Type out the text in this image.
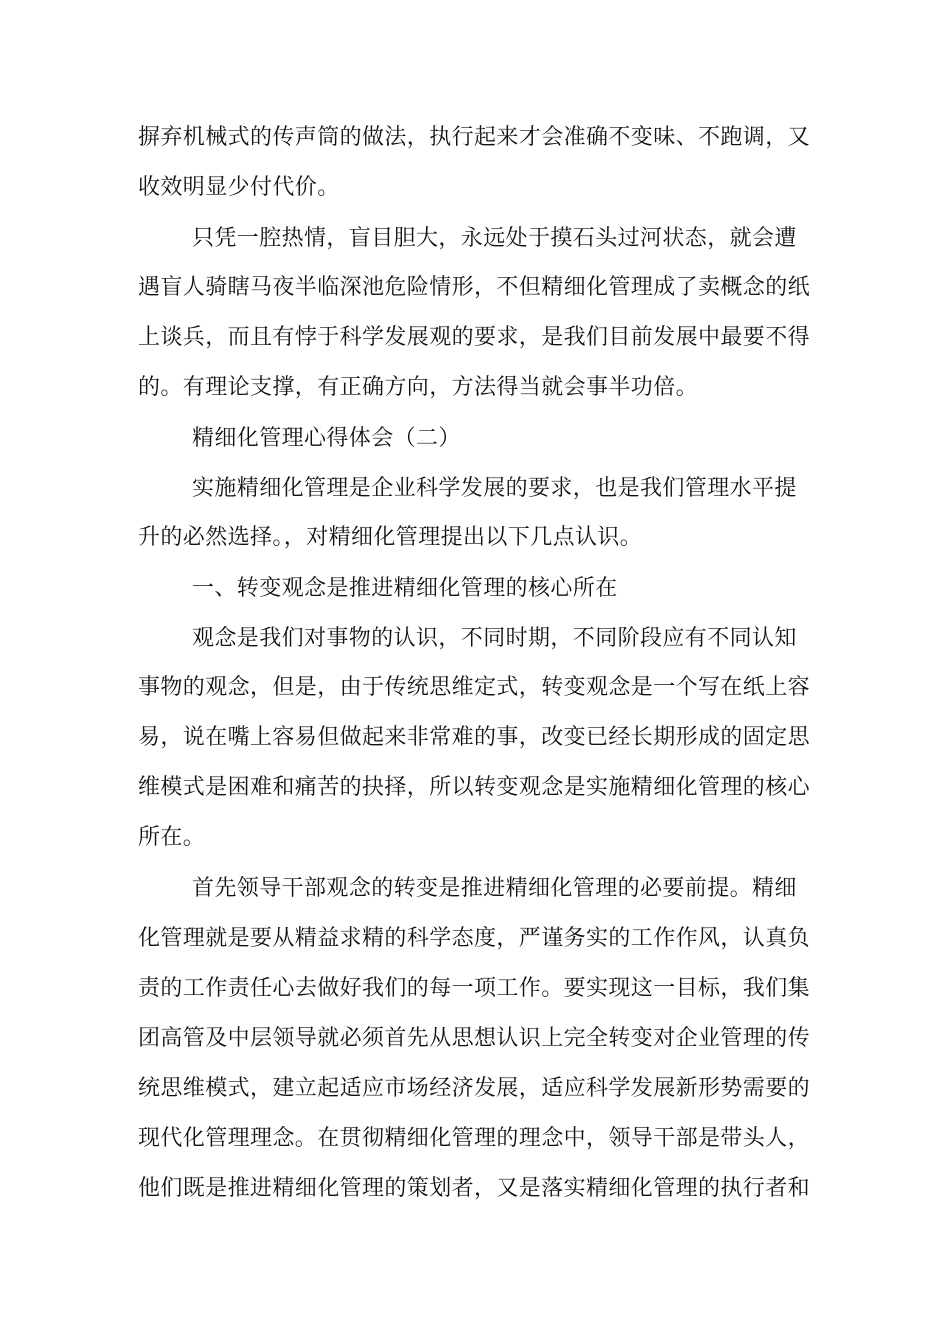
摒弃机械式的传声筒的做法，执行起来才会准确不变味、不跑调，又
收效明显少付代价。
只凭一腔热情，盲目胆大，永远处于摸石头过河状态，就会遭
遇盲人骑瞎马夜半临深池危险情形，不但精细化管理成了卖概念的纸
上谈兵，而且有悖于科学发展观的要求，是我们目前发展中最要不得
的。有理论支撑，有正确方向，方法得当就会事半功倍。
精细化管理心得体会（二）
实施精细化管理是企业科学发展的要求，也是我们管理水平提
升的必然选择。，对精细化管理提出以下几点认识。
一、转变观念是推进精细化管理的核心所在
观念是我们对事物的认识，不同时期，不同阶段应有不同认知
事物的观念，但是，由于传统思维定式，转变观念是一个写在纸上容
易，说在嘴上容易但做起来非常难的事，改变已经长期形成的固定思
维模式是困难和痛苦的抉择，所以转变观念是实施精细化管理的核心
所在。
首先领导干部观念的转变是推进精细化管理的必要前提。精细
化管理就是要从精益求精的科学态度，严谨务实的工作作风，认真负
责的工作责任心去做好我们的每一项工作。要实现这一目标，我们集
团高管及中层领导就必须首先从思想认识上完全转变对企业管理的传
统思维模式，建立起适应市场经济发展，适应科学发展新形势需要的
现代化管理理念。在贯彻精细化管理的理念中，领导干部是带头人，
他们既是推进精细化管理的策划者，又是落实精细化管理的执行者和
